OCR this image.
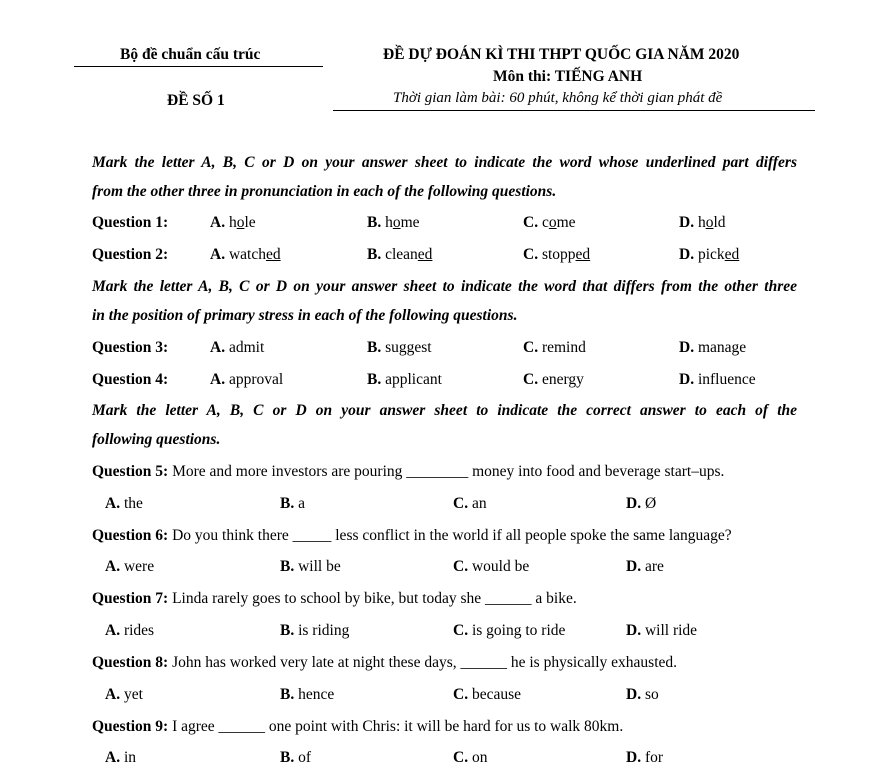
Bộ đề chuẩn cấu trúc
ĐỀ SỐ 1
ĐỀ DỰ ĐOÁN KÌ THI THPT QUỐC GIA NĂM 2020
Môn thi: TIẾNG ANH
Thời gian làm bài: 60 phút, không kể thời gian phát đề
Mark the letter A, B, C or D on your answer sheet to indicate the word whose underlined part differs
from the other three in pronunciation in each of the following questions.
Question 1:	A. hole	B. home	C. come	D. hold
Question 2:	A. watched	B. cleaned	C. stopped	D. picked
Mark the letter A, B, C or D on your answer sheet to indicate the word that differs from the other three
in the position of primary stress in each of the following questions.
Question 3:	A. admit	B. suggest	C. remind	D. manage
Question 4:	A. approval	B. applicant	C. energy	D. influence
Mark the letter A, B, C or D on your answer sheet to indicate the correct answer to each of the
following questions.
Question 5: More and more investors are pouring ________ money into food and beverage start–ups.
A. the	B. a	C. an	D. Ø
Question 6: Do you think there _____ less conflict in the world if all people spoke the same language?
A. were	B. will be	C. would be	D. are
Question 7: Linda rarely goes to school by bike, but today she ______ a bike.
A. rides	B. is riding	C. is going to ride	D. will ride
Question 8: John has worked very late at night these days, ______ he is physically exhausted.
A. yet	B. hence	C. because	D. so
Question 9: I agree ______ one point with Chris: it will be hard for us to walk 80km.
A. in	B. of	C. on	D. for
